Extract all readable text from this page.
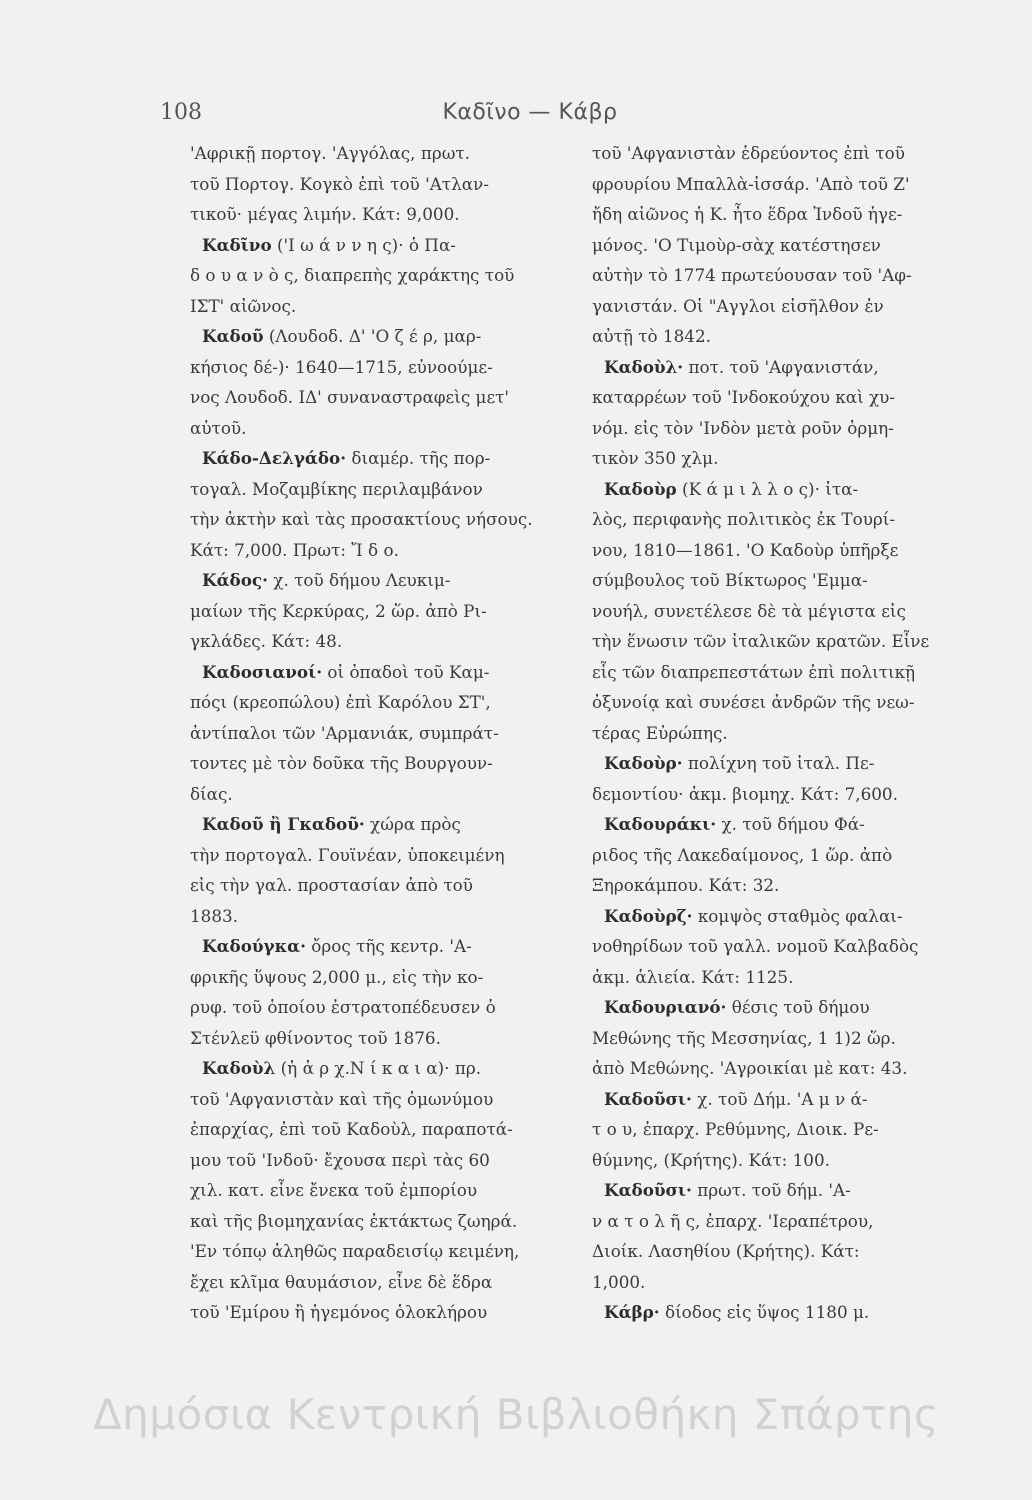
108	Καδῖνο — Κάβρ
'Αφρικῇ πορτογ. 'Αγγόλας, πρωτ.
τοῦ Πορτογ. Κογκὸ ἐπὶ τοῦ 'Ατλαν-
τικοῦ· μέγας λιμήν. Κάτ: 9,000.
Καδῖνο ('Ι ω ά ν ν η ς)· ὁ Πα-
δ ο υ α ν ὸ ς, διαπρεπὴς χαράκτης τοῦ
ΙΣΤ' αἰῶνος.
Καδοῦ (Λουδοδ. Δ' 'Ο ζ έ ρ, μαρ-
κήσιος δέ-)· 1640—1715, εὐνοούμε-
νος Λουδοδ. ΙΔ' συναναστραφεὶς μετ'
αὐτοῦ.
Κάδο-Δελγάδο· διαμέρ. τῆς πορ-
τογαλ. Μοζαμβίκης περιλαμβάνον
τὴν ἀκτὴν καὶ τὰς προσακτίους νήσους.
Κάτ: 7,000. Πρωτ: Ἴ δ ο.
Κάδος· χ. τοῦ δήμου Λευκιμ-
μαίων τῆς Κερκύρας, 2 ὥρ. ἀπὸ Ρι-
γκλάδες. Κάτ: 48.
Καδοσιανοί· οἱ ὀπαδοὶ τοῦ Καμ-
πόςι (κρεοπώλου) ἐπὶ Καρόλου ΣΤ',
ἀντίπαλοι τῶν 'Αρμανιάκ, συμπράτ-
τοντες μὲ τὸν δοῦκα τῆς Βουργουν-
δίας.
Καδοῦ ἢ Γκαδοῦ· χώρα πρὸς
τὴν πορτογαλ. Γουϊνέαν, ὑποκειμένη
εἰς τὴν γαλ. προστασίαν ἀπὸ τοῦ
1883.
Καδούγκα· ὄρος τῆς κεντρ. 'Α-
φρικῆς ὕψους 2,000 μ., εἰς τὴν κο-
ρυφ. τοῦ ὁποίου ἐστρατοπέδευσεν ὁ
Στένλεϋ φθίνοντος τοῦ 1876.
Καδοὺλ (ἡ ἀ ρ χ.Ν ί κ α ι α)· πρ.
τοῦ 'Αφγανιστὰν καὶ τῆς ὁμωνύμου
ἐπαρχίας, ἐπὶ τοῦ Καδοὺλ, παραποτά-
μου τοῦ 'Ινδοῦ· ἔχουσα περὶ τὰς 60
χιλ. κατ. εἶνε ἔνεκα τοῦ ἐμπορίου
καὶ τῆς βιομηχανίας ἐκτάκτως ζωηρά.
'Εν τόπῳ ἀληθῶς παραδεισίῳ κειμένη,
ἔχει κλῖμα θαυμάσιον, εἶνε δὲ ἕδρα
τοῦ 'Εμίρου ἢ ἡγεμόνος ὁλοκλήρου
τοῦ 'Αφγανιστὰν ἑδρεύοντος ἐπὶ τοῦ
φρουρίου Μπαλλὰ-ἰσσάρ. 'Απὸ τοῦ Ζ'
ἤδη αἰῶνος ἡ Κ. ἦτο ἕδρα Ἰνδοῦ ἡγε-
μόνος. 'Ο Τιμοὺρ-σὰχ κατέστησεν
αὐτὴν τὸ 1774 πρωτεύουσαν τοῦ 'Αφ-
γανιστάν. Οἱ "Αγγλοι εἰσῆλθον ἐν
αὐτῇ τὸ 1842.
Καδοὺλ· ποτ. τοῦ 'Αφγανιστάν,
καταρρέων τοῦ 'Ινδοκούχου καὶ χυ-
νόμ. εἰς τὸν 'Ινδὸν μετὰ ροῦν ὁρμη-
τικὸν 350 χλμ.
Καδοὺρ (Κ ά μ ι λ λ ο ς)· ἰτα-
λὸς, περιφανὴς πολιτικὸς ἐκ Τουρί-
νου, 1810—1861. 'Ο Καδοὺρ ὑπῆρξε
σύμβουλος τοῦ Βίκτωρος 'Εμμα-
νουήλ, συνετέλεσε δὲ τὰ μέγιστα εἰς
τὴν ἕνωσιν τῶν ἰταλικῶν κρατῶν. Εἶνε
εἷς τῶν διαπρεπεστάτων ἐπὶ πολιτικῇ
ὀξυνοίᾳ καὶ συνέσει ἀνδρῶν τῆς νεω-
τέρας Εὐρώπης.
Καδοὺρ· πολίχνη τοῦ ἰταλ. Πε-
δεμοντίου· ἀκμ. βιομηχ. Κάτ: 7,600.
Καδουράκι· χ. τοῦ δήμου Φά-
ριδος τῆς Λακεδαίμονος, 1 ὥρ. ἀπὸ
Ξηροκάμπου. Κάτ: 32.
Καδοὺρζ· κομψὸς σταθμὸς φαλαι-
νοθηρίδων τοῦ γαλλ. νομοῦ Καλβαδὸς
ἀκμ. ἁλιεία. Κάτ: 1125.
Καδουριανό· θέσις τοῦ δήμου
Μεθώνης τῆς Μεσσηνίας, 1 1)2 ὥρ.
ἀπὸ Μεθώνης. 'Αγροικίαι μὲ κατ: 43.
Καδοῦσι· χ. τοῦ Δήμ. 'Α μ ν ά-
τ ο υ, ἐπαρχ. Ρεθύμνης, Διοικ. Ρε-
θύμνης, (Κρήτης). Κάτ: 100.
Καδοῦσι· πρωτ. τοῦ δήμ. 'Α-
ν α τ ο λ ῆ ς, ἐπαρχ. 'Ιεραπέτρου,
Διοίκ. Λασηθίου (Κρήτης). Κάτ:
1,000.
Κάβρ· δίοδος εἰς ὕψος 1180 μ.
Δημόσια Κεντρική Βιβλιοθήκη Σπάρτης
